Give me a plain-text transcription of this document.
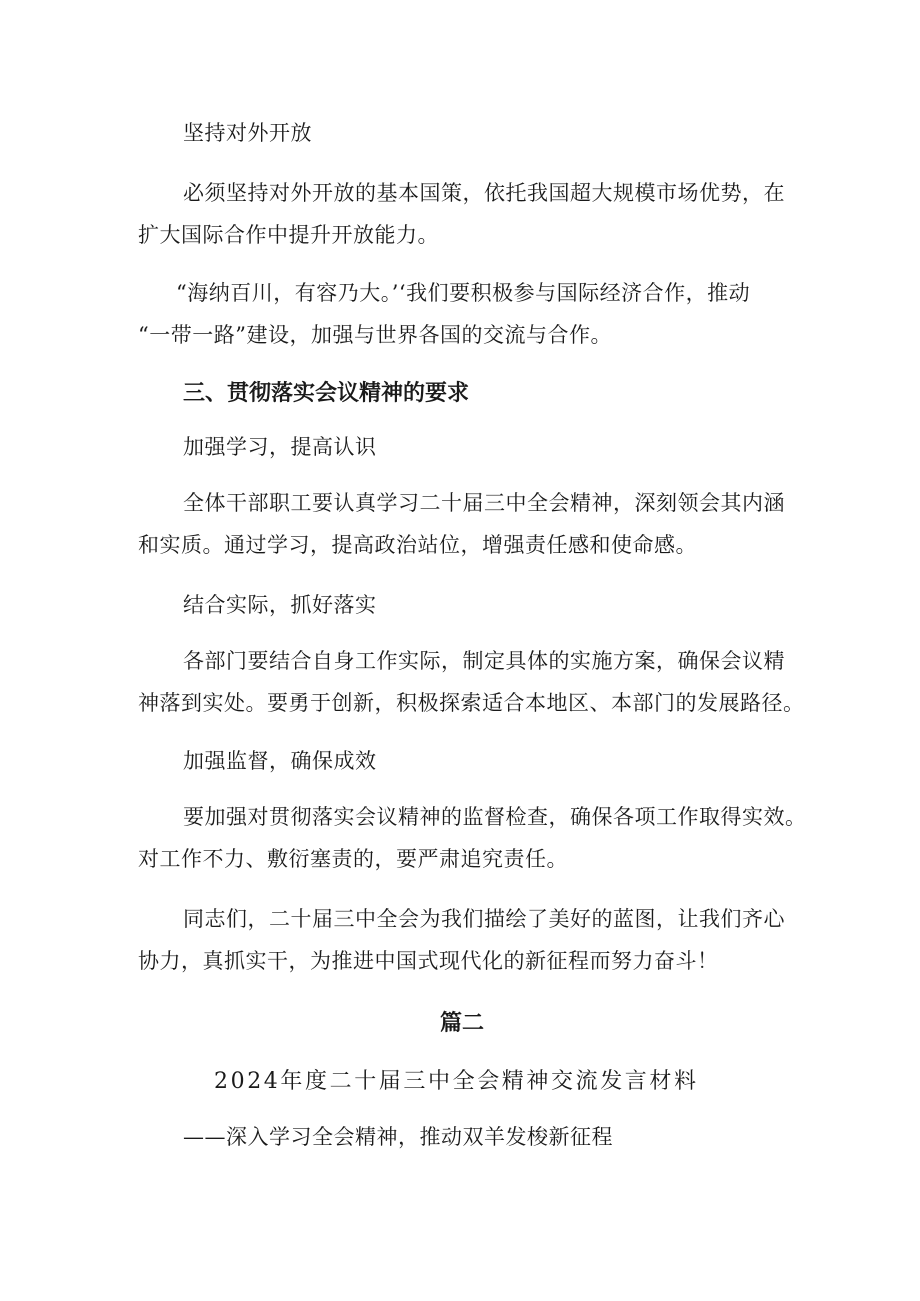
坚持对外开放
必须坚持对外开放的基本国策，依托我国超大规模市场优势，在
扩大国际合作中提升开放能力。
“海纳百川，有容乃大。’‘我们要积极参与国际经济合作，推动
“一带一路”建设，加强与世界各国的交流与合作。
三、贯彻落实会议精神的要求
加强学习，提高认识
全体干部职工要认真学习二十届三中全会精神，深刻领会其内涵
和实质。通过学习，提高政治站位，增强责任感和使命感。
结合实际，抓好落实
各部门要结合自身工作实际，制定具体的实施方案，确保会议精
神落到实处。要勇于创新，积极探索适合本地区、本部门的发展路径。
加强监督，确保成效
要加强对贯彻落实会议精神的监督检查，确保各项工作取得实效。
对工作不力、敷衍塞责的，要严肃追究责任。
同志们，二十届三中全会为我们描绘了美好的蓝图，让我们齐心
协力，真抓实干，为推进中国式现代化的新征程而努力奋斗！
篇二
2024年度二十届三中全会精神交流发言材料
——深入学习全会精神，推动双羊发梭新征程
